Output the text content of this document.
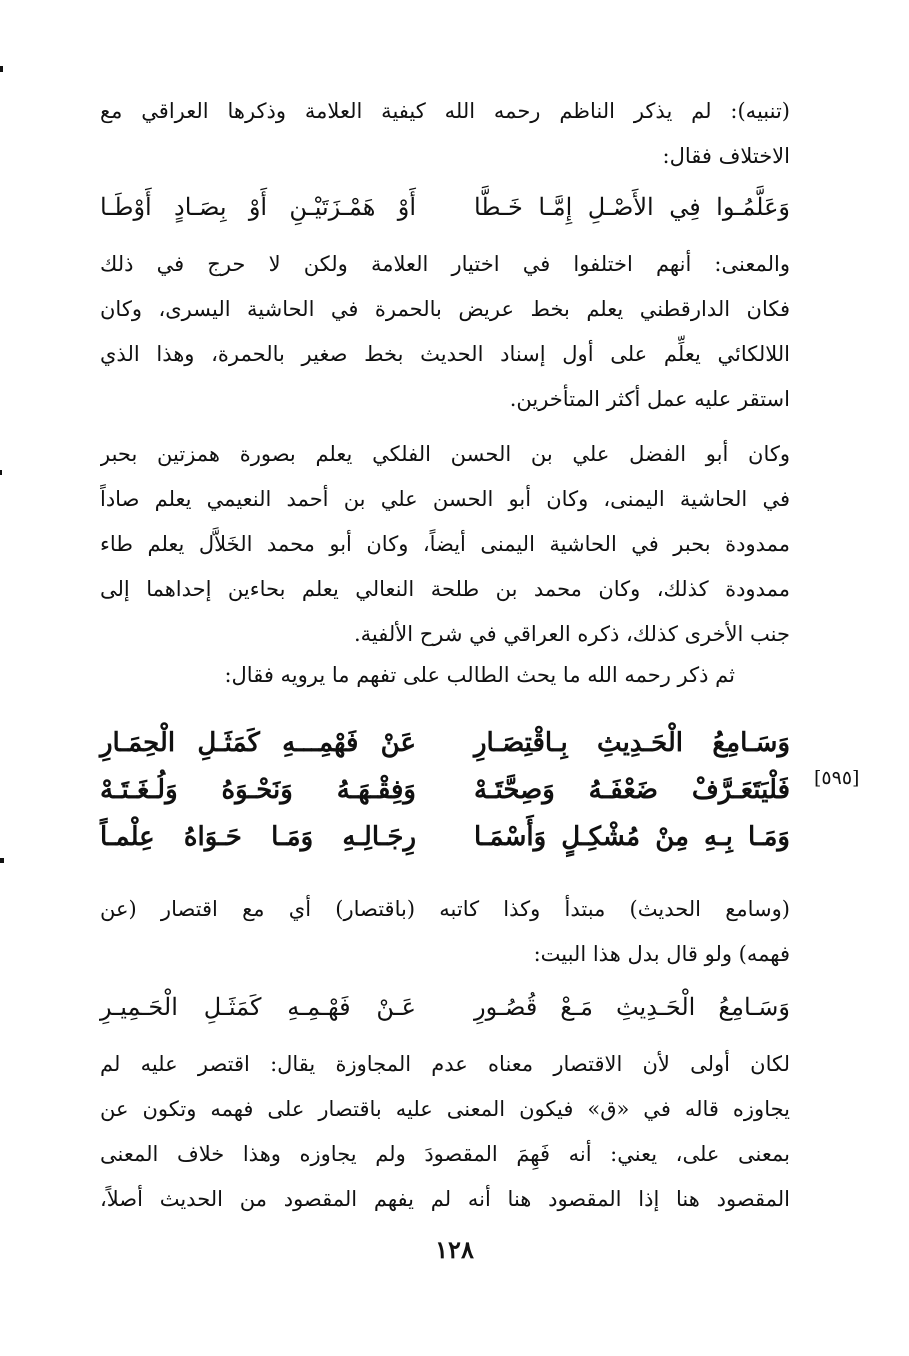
(تنبيه): لم يذكر الناظم رحمه الله كيفية العلامة وذكرها العراقي مع
الاختلاف فقال:
وَعَلَّمُـوا فِي الأَصْـلِ إِمَّـا خَـطَّا
أَوْ هَمْـزَتَيْـنِ أَوْ بِصَـادٍ أَوْطَـا
والمعنى: أنهم اختلفوا في اختيار العلامة ولكن لا حرج في ذلك
فكان الدارقطني يعلم بخط عريض بالحمرة في الحاشية اليسرى، وكان
اللالكائي يعلِّم على أول إسناد الحديث بخط صغير بالحمرة، وهذا الذي
استقر عليه عمل أكثر المتأخرين.
وكان أبو الفضل علي بن الحسن الفلكي يعلم بصورة همزتين بحبر
في الحاشية اليمنى، وكان أبو الحسن علي بن أحمد النعيمي يعلم صاداً
ممدودة بحبر في الحاشية اليمنى أيضاً، وكان أبو محمد الخَلاَّل يعلم طاء
ممدودة كذلك، وكان محمد بن طلحة النعالي يعلم بحاءين إحداهما إلى
جنب الأخرى كذلك، ذكره العراقي في شرح الألفية.
ثم ذكر رحمه الله ما يحث الطالب على تفهم ما يرويه فقال:
[٥٩٥]
وَسَـامِعُ الْحَـدِيثِ بِـاقْتِصَـارِ
عَنْ فَهْمِـــهِ كَمَثَـلِ الْحِمَـارِ
فَلْيَتَعَـرَّفْ ضَعْفَـهُ وَصِحَّتَـهْ
وَفِقْـهَـهُ وَنَحْـوَهُ وَلُـغَـتَـهْ
وَمَـا بِـهِ مِنْ مُشْكِـلٍ وَأَسْمَـا
رِجَـالِـهِ وَمَـا حَـوَاهُ عِلْمـاً
(وسامع الحديث) مبتدأ وكذا كاتبه (باقتصار) أي مع اقتصار (عن
فهمه) ولو قال بدل هذا البيت:
وَسَـامِعُ الْحَـدِيثِ مَـعْ قُصُـورِ
عَـنْ فَهْـمِـهِ كَمَثَـلِ الْحَـمِيـرِ
لكان أولى لأن الاقتصار معناه عدم المجاوزة يقال: اقتصر عليه لم
يجاوزه قاله في «ق» فيكون المعنى عليه باقتصار على فهمه وتكون عن
بمعنى على، يعني: أنه فَهِمَ المقصودَ ولم يجاوزه وهذا خلاف المعنى
المقصود هنا إذا المقصود هنا أنه لم يفهم المقصود من الحديث أصلاً،
١٢٨
